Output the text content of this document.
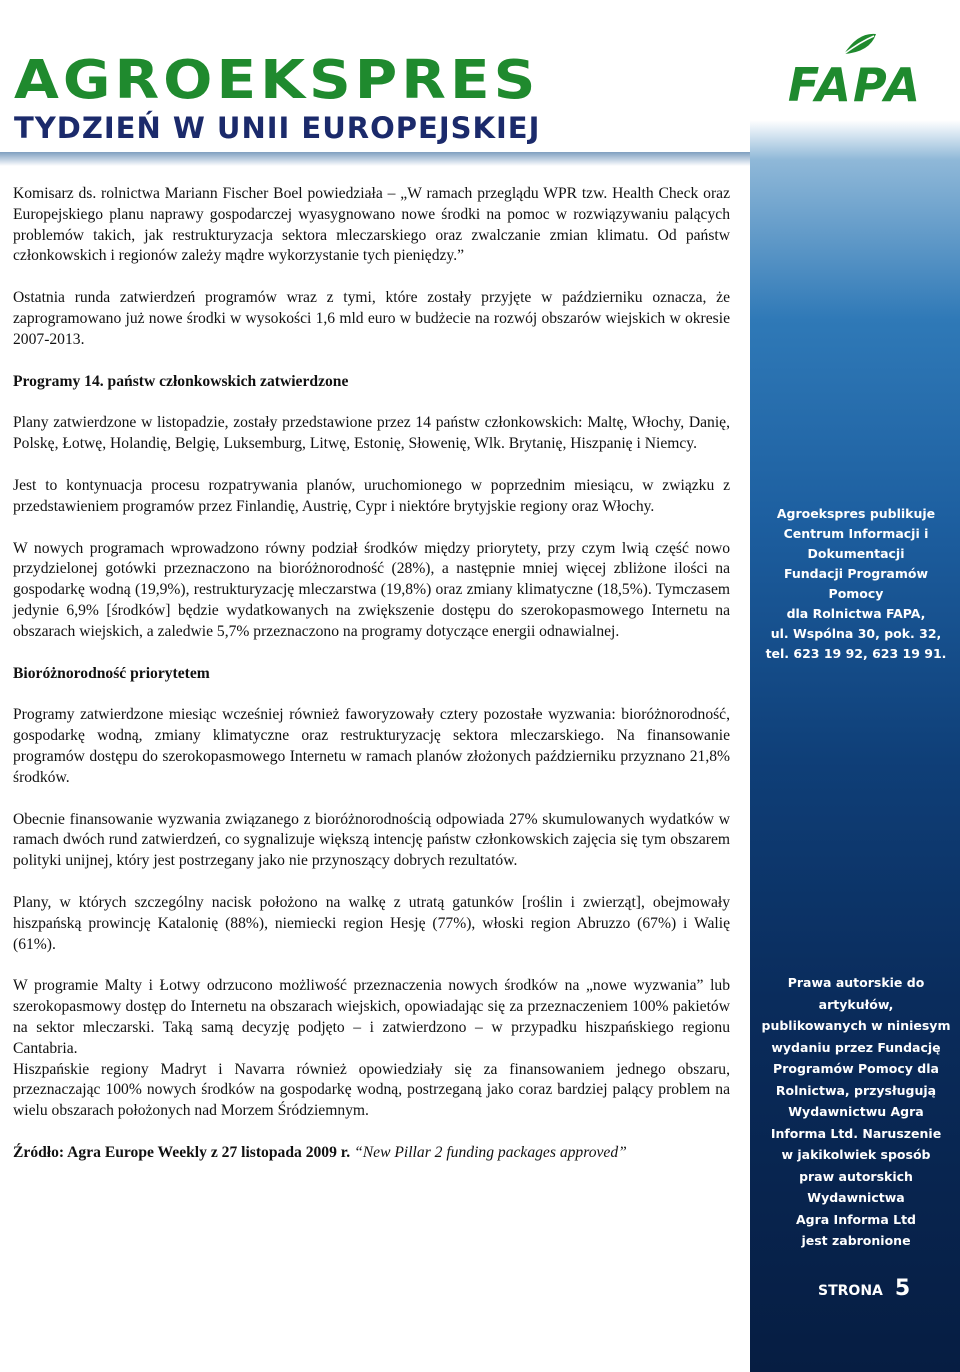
AGROEKSPRES
TYDZIEŃ W UNII EUROPEJSKIEJ
FAPA
Agroekspres publikuje
Centrum Informacji i Dokumentacji
Fundacji Programów Pomocy
dla Rolnictwa FAPA,
ul. Wspólna 30, pok. 32,
tel. 623 19 92, 623 19 91.
Prawa autorskie do artykułów,
publikowanych w niniesym
wydaniu przez Fundację
Programów Pomocy dla
Rolnictwa, przysługują
Wydawnictwu Agra
Informa Ltd. Naruszenie
w jakikolwiek sposób
praw autorskich Wydawnictwa
Agra Informa Ltd
jest zabronione
STRONA 5

Komisarz ds. rolnictwa Mariann Fischer Boel powiedziała – „W ramach przeglądu WPR tzw. Health Check oraz Europejskiego planu naprawy gospodarczej wyasygnowano nowe środki na pomoc w rozwiązywaniu palących problemów takich, jak restrukturyzacja sektora mleczarskiego oraz zwalczanie zmian klimatu. Od państw członkowskich i regionów zależy mądre wykorzystanie tych pieniędzy.”

Ostatnia runda zatwierdzeń programów wraz z tymi, które zostały przyjęte w październiku oznacza, że zaprogramowano już nowe środki w wysokości 1,6 mld euro w budżecie na rozwój obszarów wiejskich w okresie 2007-2013.

Programy 14. państw członkowskich zatwierdzone

Plany zatwierdzone w listopadzie, zostały przedstawione przez 14 państw członkowskich: Maltę, Włochy, Danię, Polskę, Łotwę, Holandię, Belgię, Luksemburg, Litwę, Estonię, Słowenię, Wlk. Brytanię, Hiszpanię i Niemcy.

Jest to kontynuacja procesu rozpatrywania planów, uruchomionego w poprzednim miesiącu, w związku z przedstawieniem programów przez Finlandię, Austrię, Cypr i niektóre brytyjskie regiony oraz Włochy.

W nowych programach wprowadzono równy podział środków między priorytety, przy czym lwią część nowo przydzielonej gotówki przeznaczono na bioróżnorodność (28%), a następnie mniej więcej zbliżone ilości na gospodarkę wodną (19,9%), restrukturyzację mleczarstwa (19,8%) oraz zmiany klimatyczne (18,5%). Tymczasem jedynie 6,9% [środków] będzie wydatkowanych na zwiększenie dostępu do szerokopasmowego Internetu na obszarach wiejskich, a zaledwie 5,7% przeznaczono na programy dotyczące energii odnawialnej.

Bioróżnorodność priorytetem

Programy zatwierdzone miesiąc wcześniej również faworyzowały cztery pozostałe wyzwania: bioróżnorodność, gospodarkę wodną, zmiany klimatyczne oraz restrukturyzację sektora mleczarskiego. Na finansowanie programów dostępu do szerokopasmowego Internetu w ramach planów złożonych październiku przyznano 21,8% środków.

Obecnie finansowanie wyzwania związanego z bioróżnorodnością odpowiada 27% skumulowanych wydatków w ramach dwóch rund zatwierdzeń, co sygnalizuje większą intencję państw członkowskich zajęcia się tym obszarem polityki unijnej, który jest postrzegany jako nie przynoszący dobrych rezultatów.

Plany, w których szczególny nacisk położono na walkę z utratą gatunków [roślin i zwierząt], obejmowały hiszpańską prowincję Katalonię (88%), niemiecki region Hesję (77%), włoski region Abruzzo (67%) i Walię (61%).

W programie Malty i Łotwy odrzucono możliwość przeznaczenia nowych środków na „nowe wyzwania” lub szerokopasmowy dostęp do Internetu na obszarach wiejskich, opowiadając się za przeznaczeniem 100% pakietów na sektor mleczarski. Taką samą decyzję podjęto – i zatwierdzono – w przypadku hiszpańskiego regionu Cantabria.

Hiszpańskie regiony Madryt i Navarra również opowiedziały się za finansowaniem jednego obszaru, przeznaczając 100% nowych środków na gospodarkę wodną, postrzeganą jako coraz bardziej palący problem na wielu obszarach położonych nad Morzem Śródziemnym.

Źródło: Agra Europe Weekly z 27 listopada 2009 r. “New Pillar 2 funding packages approved”
